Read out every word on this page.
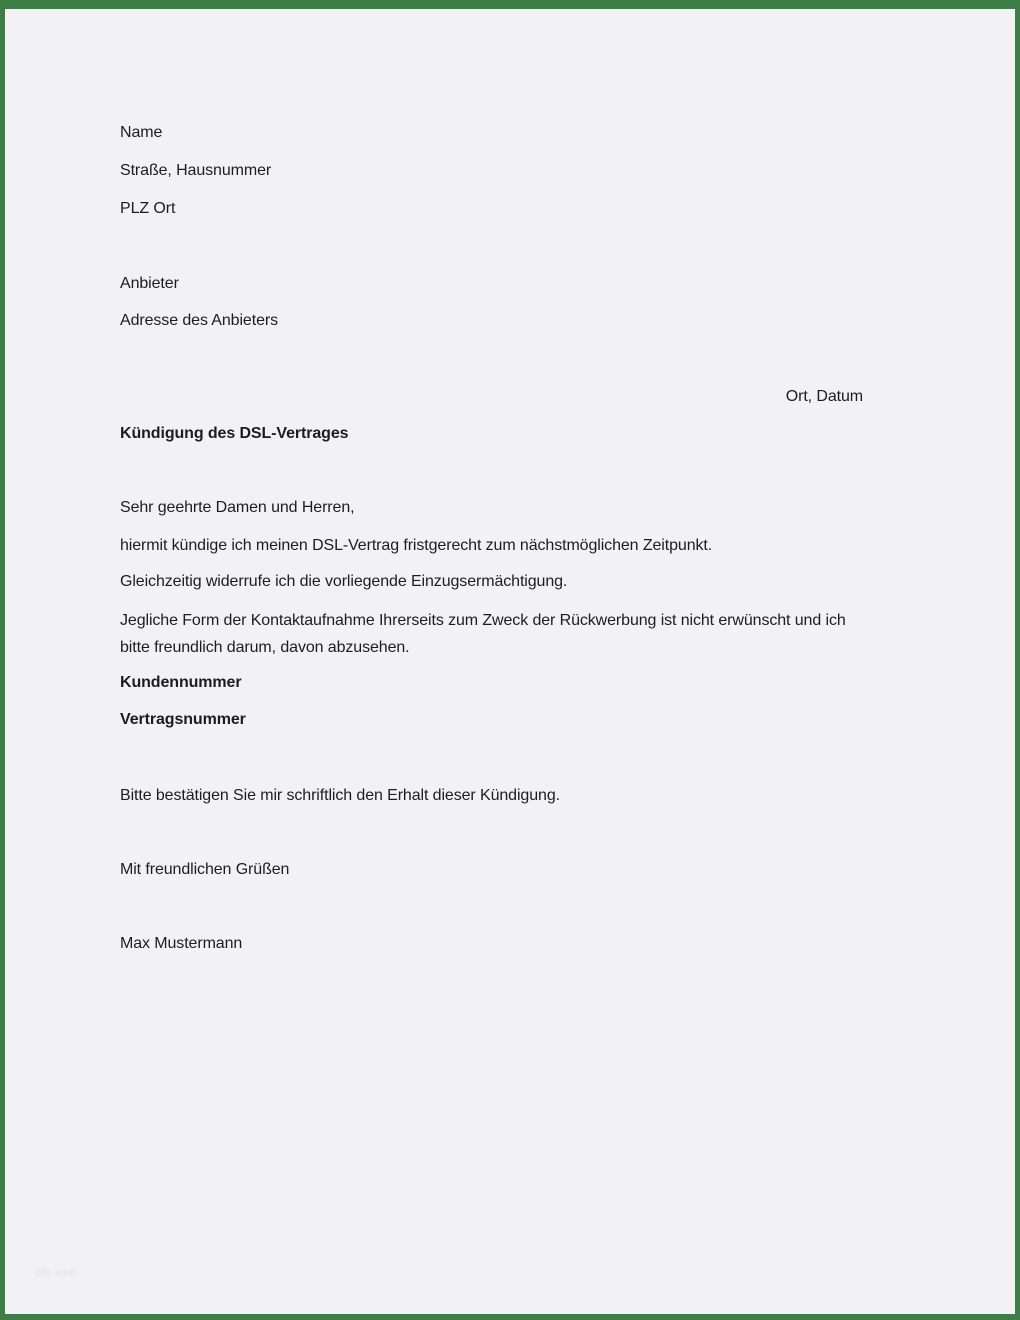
Name
Straße, Hausnummer
PLZ Ort
Anbieter
Adresse des Anbieters
Ort, Datum
Kündigung des DSL-Vertrages
Sehr geehrte Damen und Herren,
hiermit kündige ich meinen DSL-Vertrag fristgerecht zum nächstmöglichen Zeitpunkt.
Gleichzeitig widerrufe ich die vorliegende Einzugsermächtigung.
Jegliche Form der Kontaktaufnahme Ihrerseits zum Zweck der Rückwerbung ist nicht erwünscht und ich
bitte freundlich darum, davon abzusehen.
Kundennummer
Vertragsnummer
Bitte bestätigen Sie mir schriftlich den Erhalt dieser Kündigung.
Mit freundlichen Grüßen
Max Mustermann
dfb web
